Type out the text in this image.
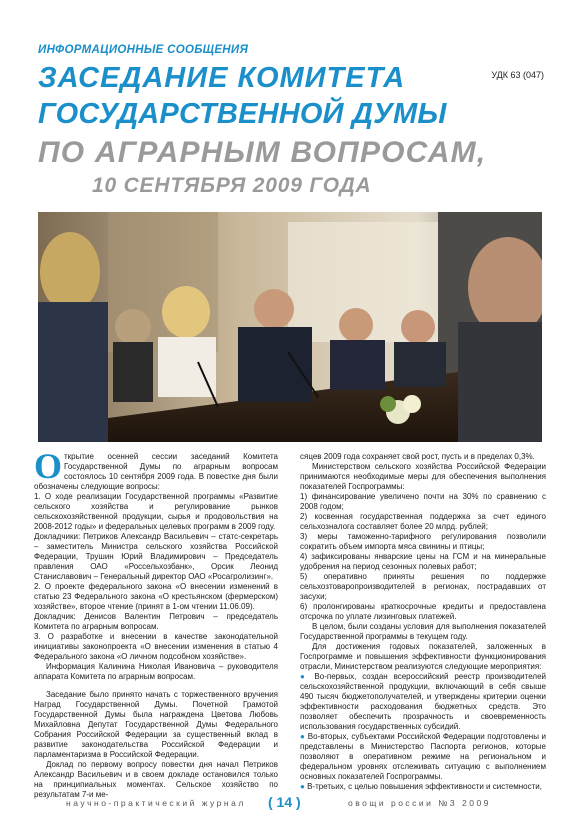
ИНФОРМАЦИОННЫЕ СООБЩЕНИЯ
УДК 63 (047)
ЗАСЕДАНИЕ КОМИТЕТА
ГОСУДАРСТВЕННОЙ ДУМЫ
ПО АГРАРНЫМ ВОПРОСАМ,
10 СЕНТЯБРЯ 2009 ГОДА

Открытие осенней сессии заседаний Комитета Государственной Думы по аграрным вопросам состоялось 10 сентября 2009 года. В повестке дня были обозначены следующие вопросы:

1. О ходе реализации Государственной программы «Развитие сельского хозяйства и регулирование рынков сельскохозяйственной продукции, сырья и продовольствия на 2008-2012 годы» и федеральных целевых программ в 2009 году.

Докладчики: Петриков Александр Васильевич – статс-секретарь – заместитель Министра сельского хозяйства Российской Федерации, Трушин Юрий Владимирович – Председатель правления ОАО «Россельхозбанк», Орсик Леонид Станиславович – Генеральный директор ОАО «Росагролизинг».

2. О проекте федерального закона «О внесении изменений в статью 23 Федерального закона «О крестьянском (фермерском) хозяйстве», второе чтение (принят в 1-ом чтении 11.06.09).

Докладчик: Денисов Валентин Петрович – председатель Комитета по аграрным вопросам.

3. О разработке и внесении в качестве законодательной инициативы законопроекта «О внесении изменения в статью 4 Федерального закона «О личном подсобном хозяйстве».

Информация Калинина Николая Ивановича – руководителя аппарата Комитета по аграрным вопросам.

Заседание было принято начать с торжественного вручения Наград Государственной Думы. Почетной Грамотой Государственной Думы была награждена Цветова Любовь Михайловна Депутат Государственной Думы Федерального Собрания Российской Федерации за существенный вклад в развитие законодательства Российской Федерации и парламентаризма в Российской Федерации.

Доклад по первому вопросу повестки дня начал Петриков Александр Васильевич и в своем докладе остановился только на принципиальных моментах. Сельское хозяйство по результатам 7-и ме-

сяцев 2009 года сохраняет свой рост, пусть и в пределах 0,3%.

Министерством сельского хозяйства Российской Федерации принимаются необходимые меры для обеспечения выполнения показателей Госпрограммы:

1) финансирование увеличено почти на 30% по сравнению с 2008 годом;

2) косвенная государственная поддержка за счет единого сельхозналога составляет более 20 млрд. рублей;

3) меры таможенно-тарифного регулирования позволили сократить объем импорта мяса свинины и птицы;

4) зафиксированы январские цены на ГСМ и на минеральные удобрения на период сезонных полевых работ;

5) оперативно приняты решения по поддержке сельхозтоваропроизводителей в регионах, пострадавших от засухи;

6) пролонгированы краткосрочные кредиты и предоставлена отсрочка по уплате лизинговых платежей.

В целом, были созданы условия для выполнения показателей Государственной программы в текущем году.

Для достижения годовых показателей, заложенных в Госпрограмме и повышения эффективности функционирования отрасли, Министерством реализуются следующие мероприятия:

● Во-первых, создан всероссийский реестр производителей сельскохозяйственной продукции, включающий в себя свыше 490 тысяч бюджетополучателей, и утверждены критерии оценки эффективности расходования бюджетных средств. Это позволяет обеспечить прозрачность и своевременность использования государственных субсидий.

● Во-вторых, субъектами Российской Федерации подготовлены и представлены в Министерство Паспорта регионов, которые позволяют в оперативном режиме на региональном и федеральном уровнях отслеживать ситуацию с выполнением основных показателей Госпрограммы.

● В-третьих, с целью повышения эффективности и системности,

научно-практический журнал ( 14 )	овощи россии №3 2009
